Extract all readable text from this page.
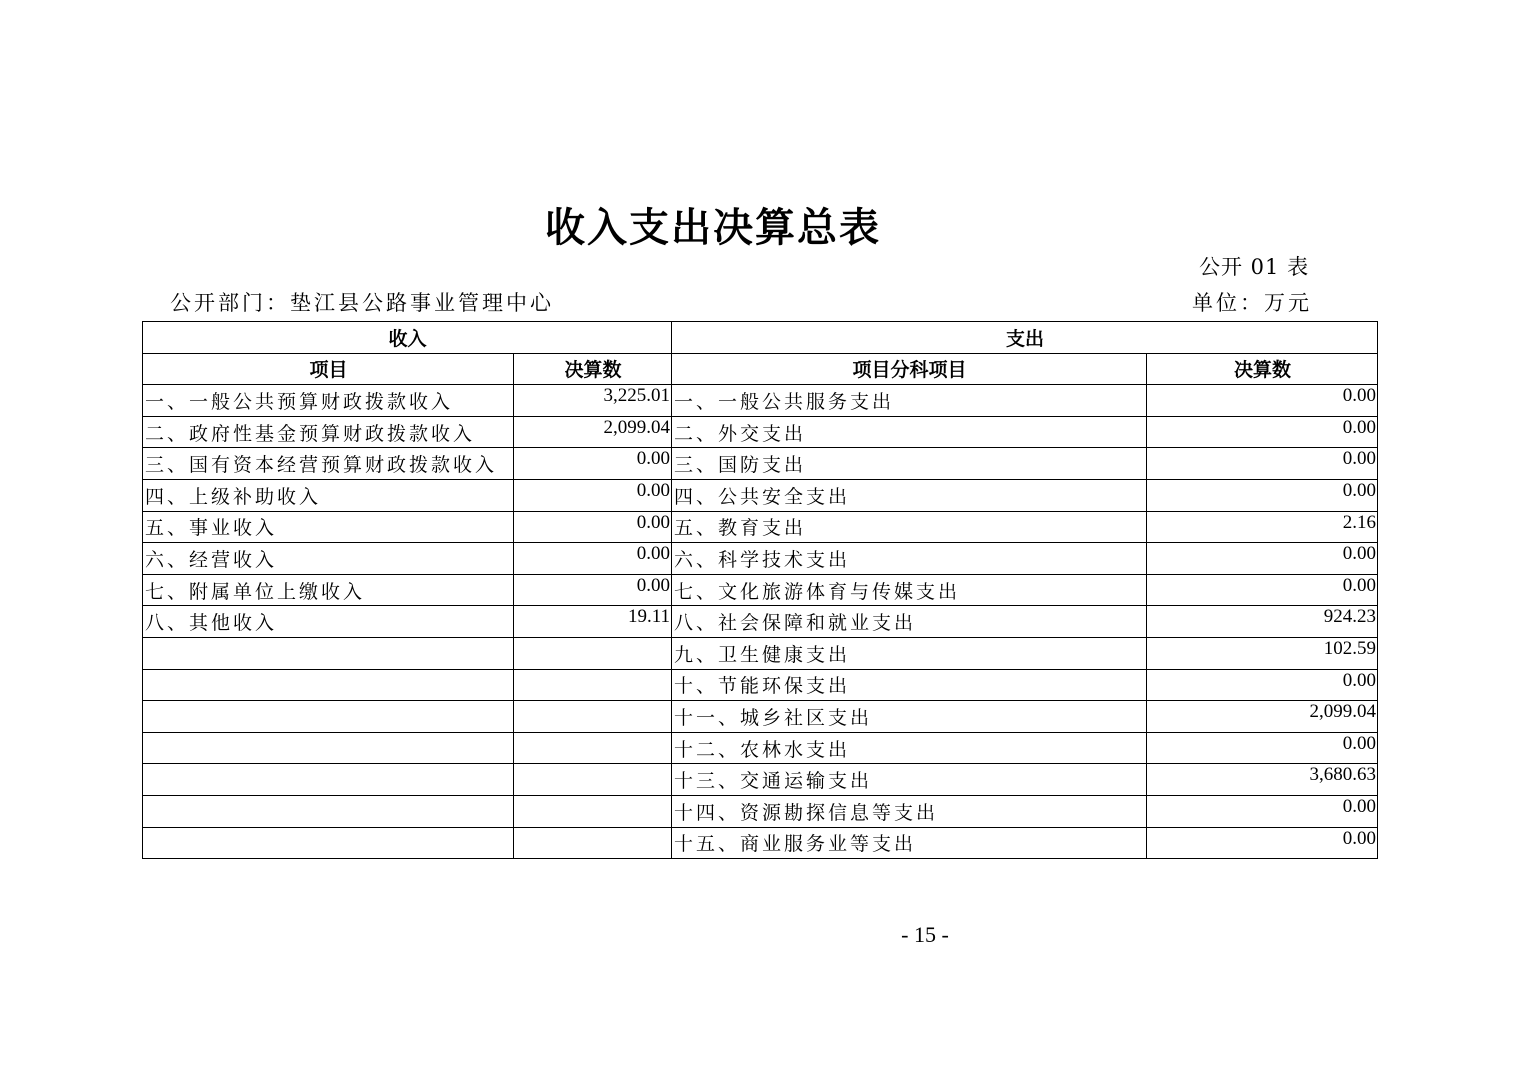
收入支出决算总表
公开 01 表
公开部门：垫江县公路事业管理中心	单位：万元
收入		支出	
项目	决算数	项目分科项目	决算数
一、一般公共预算财政拨款收入	3,225.01	一、一般公共服务支出	0.00
二、政府性基金预算财政拨款收入	2,099.04	二、外交支出	0.00
三、国有资本经营预算财政拨款收入	0.00	三、国防支出	0.00
四、上级补助收入	0.00	四、公共安全支出	0.00
五、事业收入	0.00	五、教育支出	2.16
六、经营收入	0.00	六、科学技术支出	0.00
七、附属单位上缴收入	0.00	七、文化旅游体育与传媒支出	0.00
八、其他收入	19.11	八、社会保障和就业支出	924.23
		九、卫生健康支出	102.59
		十、节能环保支出	0.00
		十一、城乡社区支出	2,099.04
		十二、农林水支出	0.00
		十三、交通运输支出	3,680.63
		十四、资源勘探信息等支出	0.00
		十五、商业服务业等支出	0.00
- 15 -
